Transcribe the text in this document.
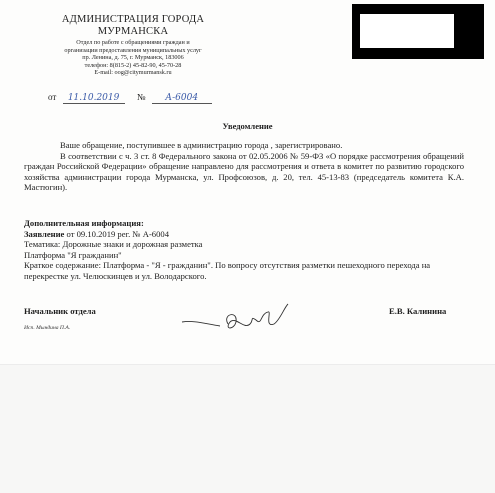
АДМИНИСТРАЦИЯ ГОРОДА
МУРМАНСКА
Отдел по работе с обращениями граждан и
организации предоставления муниципальных услуг
пр. Ленина, д. 75, г. Мурманск, 183006
телефон: 8(815-2) 45-82-90, 45-70-28
E-mail: oog@citymurmansk.ru
от 11.10.2019 № А-6004
Уведомление

Ваше обращение, поступившее в администрацию города , зарегистрировано.

В соответствии с ч. 3 ст. 8 Федерального закона от 02.05.2006 № 59-ФЗ «О порядке рассмотрения обращений граждан Российской Федерации» обращение направлено для рассмотрения и ответа в комитет по развитию городского хозяйства администрации города Мурманска, ул. Профсоюзов, д. 20, тел. 45-13-83 (председатель комитета К.А. Мастюгин).

Дополнительная информация:
Заявление от 09.10.2019 рег. № А-6004
Тематика: Дорожные знаки и дорожная разметка
Платформа "Я гражданин"
Краткое содержание: Платформа - "Я - гражданин". По вопросу отсутствия разметки пешеходного перехода на перекрестке ул. Челюскинцев и ул. Володарского.
Начальник отдела	Е.В. Калинина
Исп. Мындина П.А.
